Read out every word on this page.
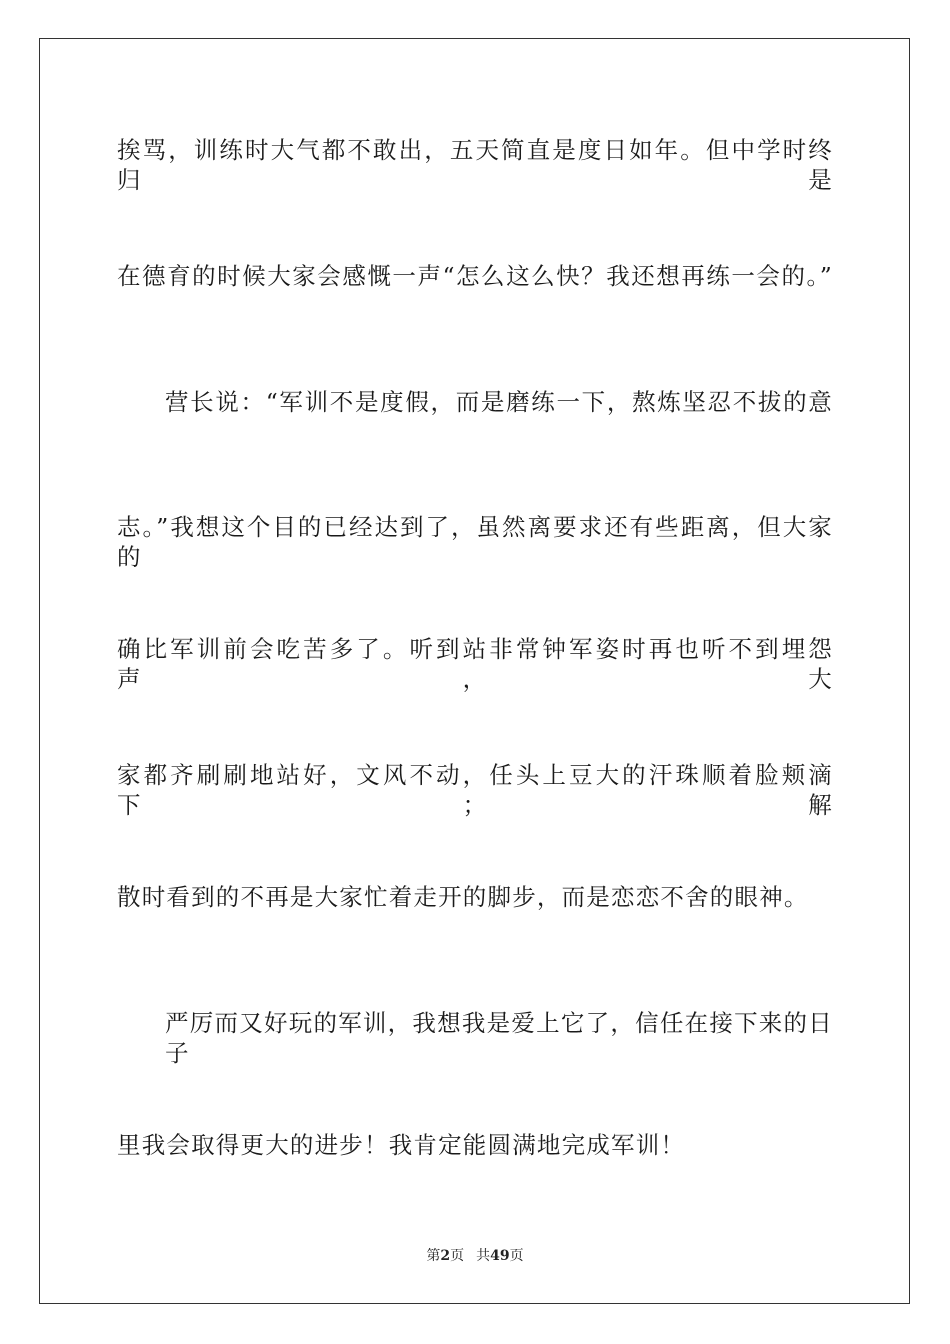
挨骂，训练时大气都不敢出，五天简直是度日如年。但中学时终归是
在德育的时候大家会感慨一声“怎么这么快？我还想再练一会的。”
营长说：“军训不是度假，而是磨练一下，熬炼坚忍不拔的意
志。”我想这个目的已经达到了，虽然离要求还有些距离，但大家的
确比军训前会吃苦多了。听到站非常钟军姿时再也听不到埋怨声，大
家都齐刷刷地站好，文风不动，任头上豆大的汗珠顺着脸颊滴下；解
散时看到的不再是大家忙着走开的脚步，而是恋恋不舍的眼神。
严厉而又好玩的军训，我想我是爱上它了，信任在接下来的日子
里我会取得更大的进步！我肯定能圆满地完成军训！
第2页 共49页
